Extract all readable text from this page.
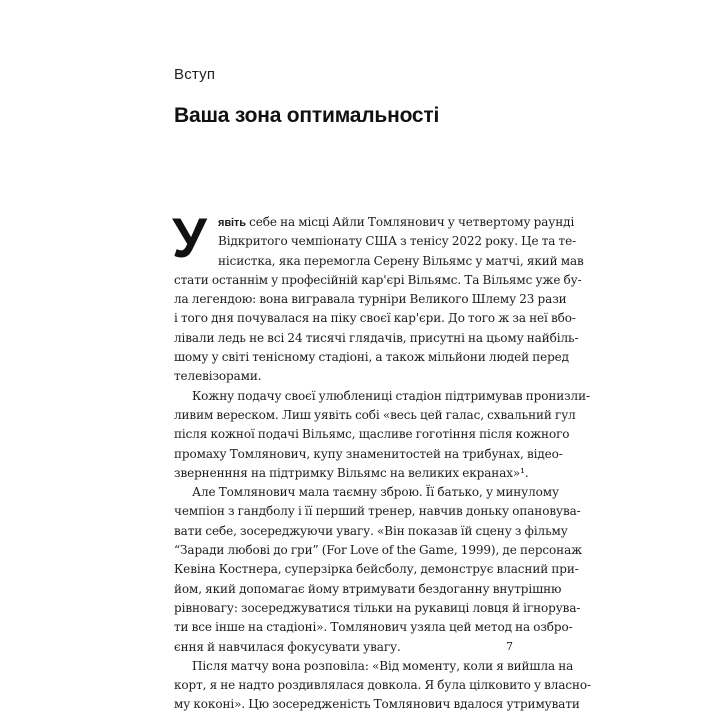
Вступ
Ваша зона оптимальності
У	явіть себе на місці Айли Томлянович у четвертому раунді
Відкритого чемпіонату США з тенісу 2022 року. Це та те-
нісистка, яка перемогла Серену Вільямс у матчі, який мав
стати останнім у професійній кар'єрі Вільямс. Та Вільямс уже бу-
ла легендою: вона вигравала турніри Великого Шлему 23 рази
і того дня почувалася на піку своєї кар'єри. До того ж за неї вбо-
лівали ледь не всі 24 тисячі глядачів, присутні на цьому найбіль-
шому у світі тенісному стадіоні, а також мільйони людей перед
телевізорами.
Кожну подачу своєї улюблениці стадіон підтримував пронизли-
ливим вереском. Лиш уявіть собі «весь цей галас, схвальний гул
після кожної подачі Вільямс, щасливе гоготіння після кожного
промаху Томлянович, купу знаменитостей на трибунах, відео-
зверненння на підтримку Вільямс на великих екранах»¹.
Але Томлянович мала таємну зброю. Її батько, у минулому
чемпіон з гандболу і її перший тренер, навчив доньку опановува-
вати себе, зосереджуючи увагу. «Він показав їй сцену з фільму
“Заради любові до гри” (For Love of the Game, 1999), де персонаж
Кевіна Костнера, суперзірка бейсболу, демонструє власний при-
йом, який допомагає йому втримувати бездоганну внутрішню
рівновагу: зосереджуватися тільки на рукавиці ловця й ігнорува-
ти все інше на стадіоні». Томлянович узяла цей метод на озбро-
єння й навчилася фокусувати увагу.
Після матчу вона розповіла: «Від моменту, коли я вийшла на
корт, я не надто роздивлялася довкола. Я була цілковито у власно-
му коконі». Цю зосередженість Томлянович вдалося утримувати
7
